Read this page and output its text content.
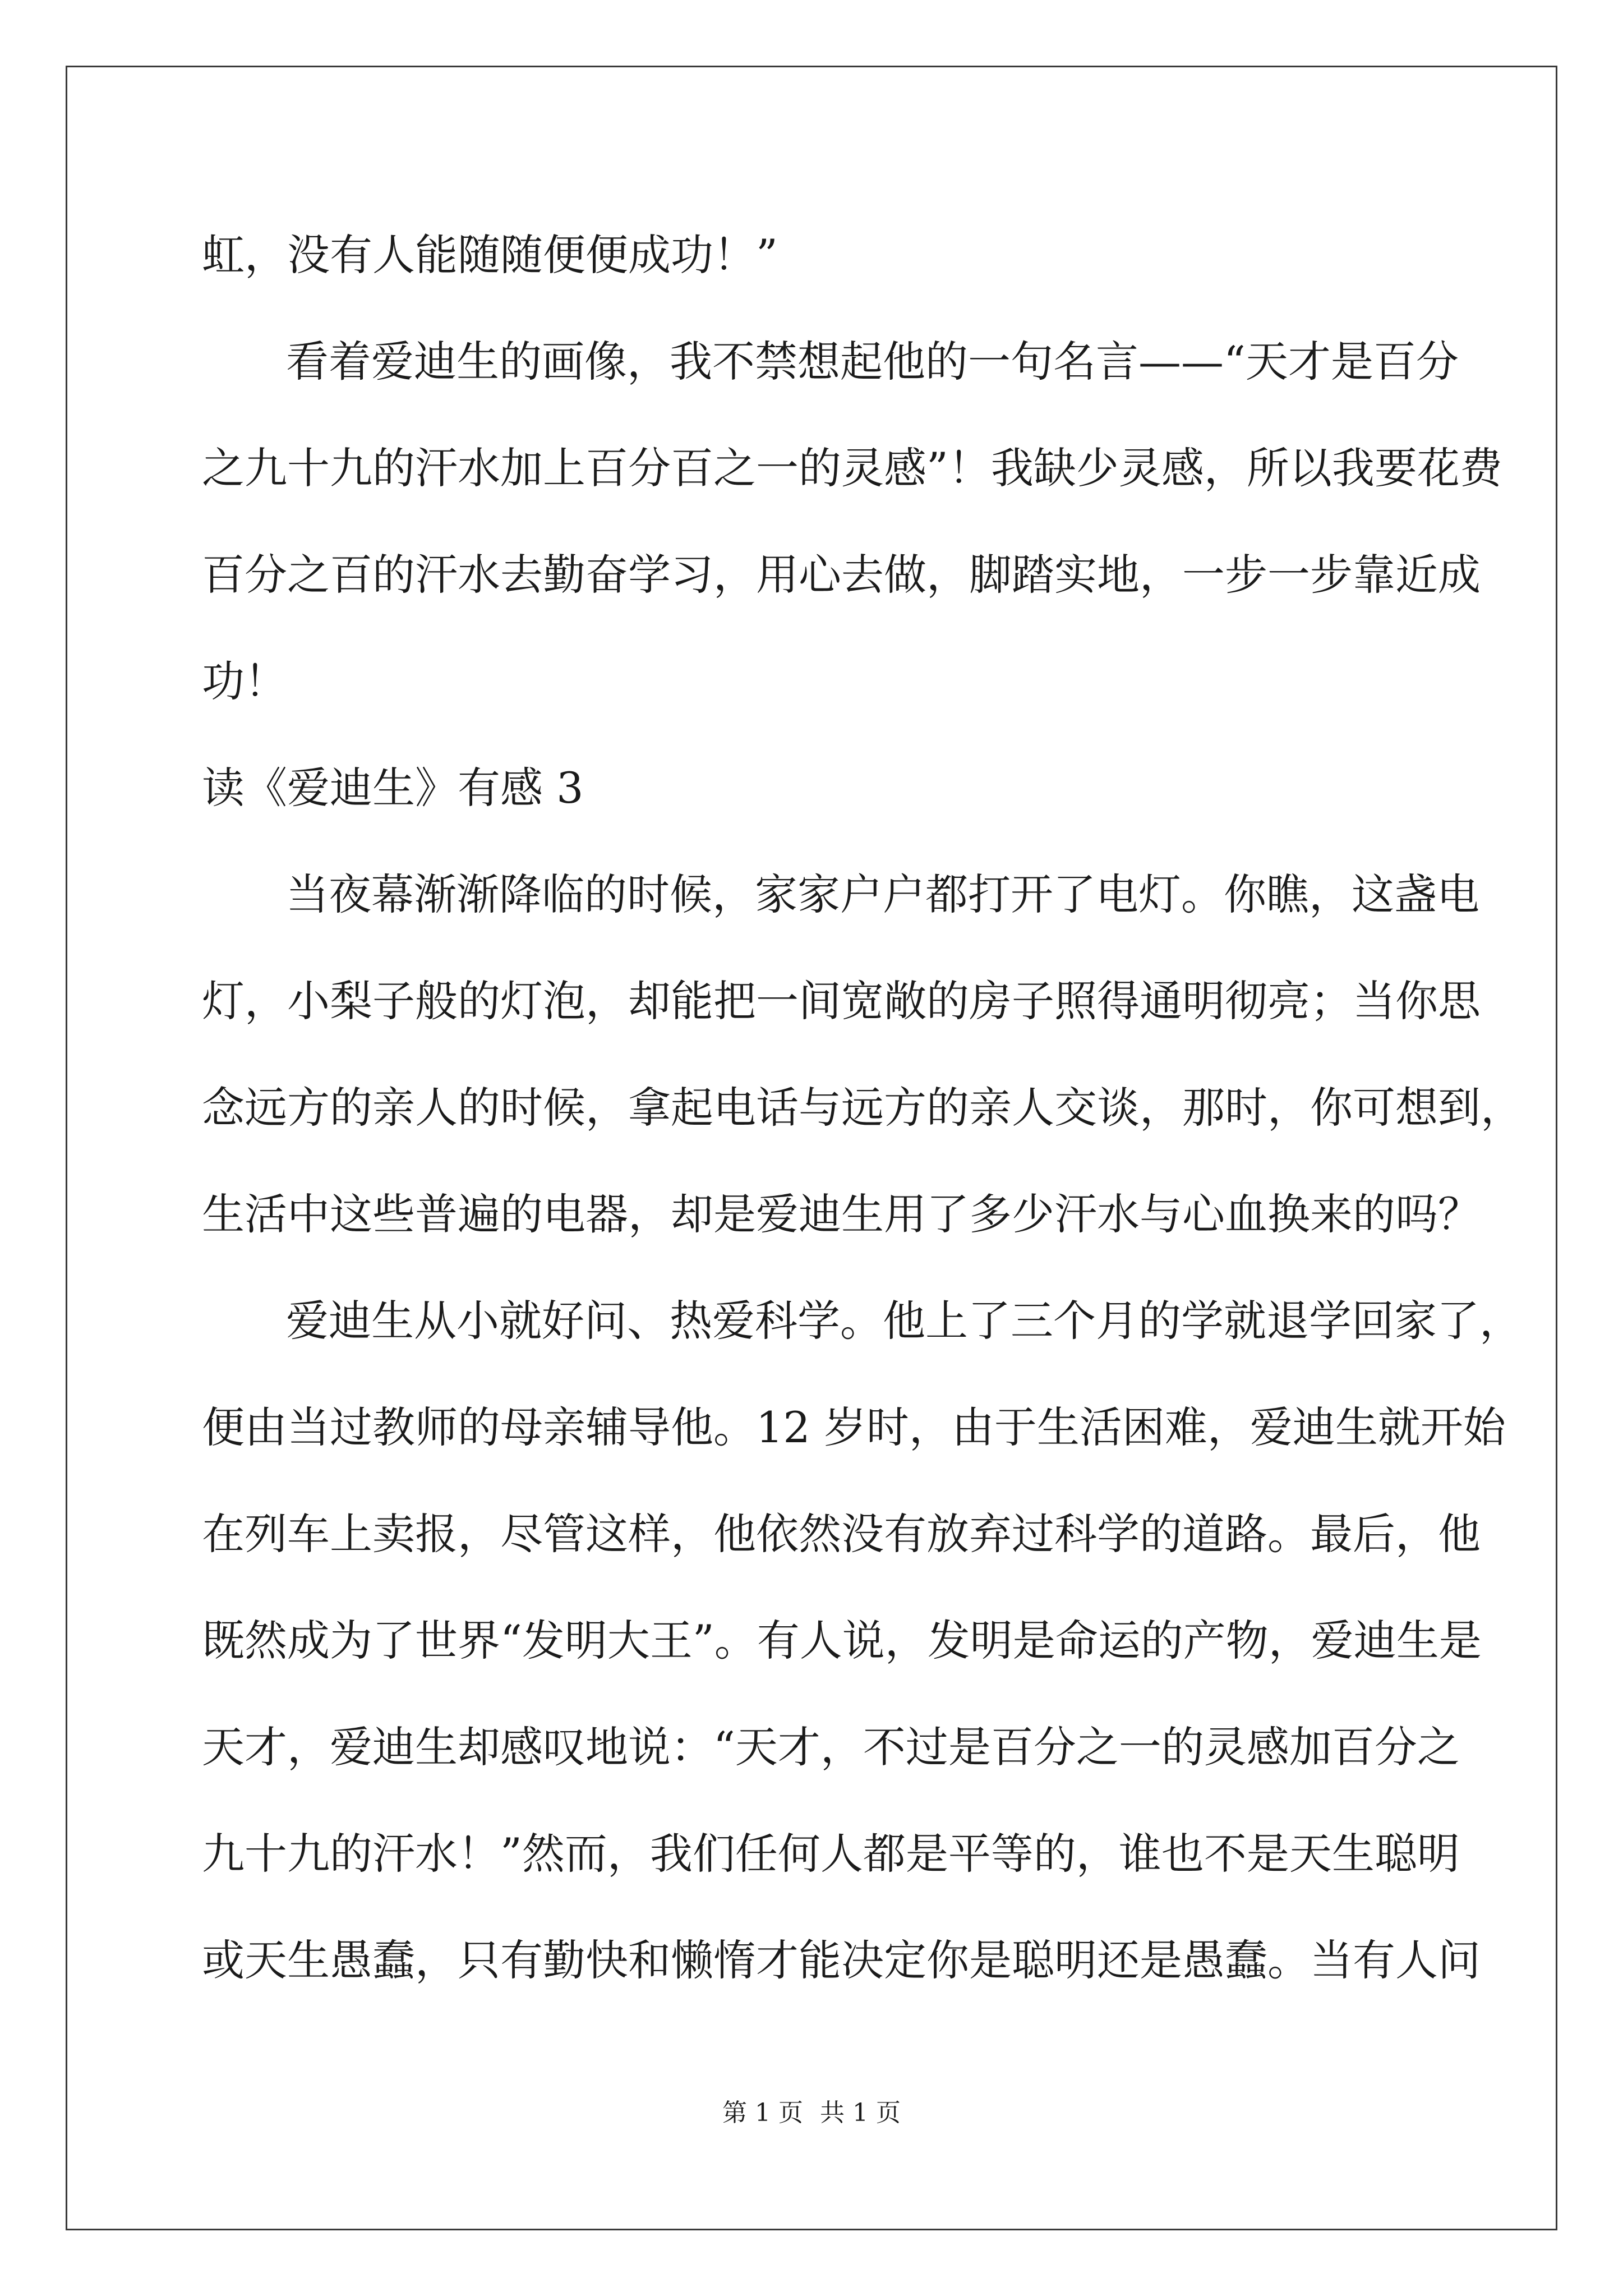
虹，没有人能随随便便成功！”
看着爱迪生的画像，我不禁想起他的一句名言——“天才是百分
之九十九的汗水加上百分百之一的灵感”！我缺少灵感，所以我要花费
百分之百的汗水去勤奋学习，用心去做，脚踏实地，一步一步靠近成
功！
读《爱迪生》有感 3
当夜幕渐渐降临的时候，家家户户都打开了电灯。你瞧，这盏电
灯，小梨子般的灯泡，却能把一间宽敞的房子照得通明彻亮；当你思
念远方的亲人的时候，拿起电话与远方的亲人交谈，那时，你可想到，
生活中这些普遍的电器，却是爱迪生用了多少汗水与心血换来的吗？
爱迪生从小就好问、热爱科学。他上了三个月的学就退学回家了，
便由当过教师的母亲辅导他。12 岁时，由于生活困难，爱迪生就开始
在列车上卖报，尽管这样，他依然没有放弃过科学的道路。最后，他
既然成为了世界“发明大王”。有人说，发明是命运的产物，爱迪生是
天才，爱迪生却感叹地说：“天才，不过是百分之一的灵感加百分之
九十九的汗水！”然而，我们任何人都是平等的，谁也不是天生聪明
或天生愚蠢，只有勤快和懒惰才能决定你是聪明还是愚蠢。当有人问
第 1 页 共 1 页
